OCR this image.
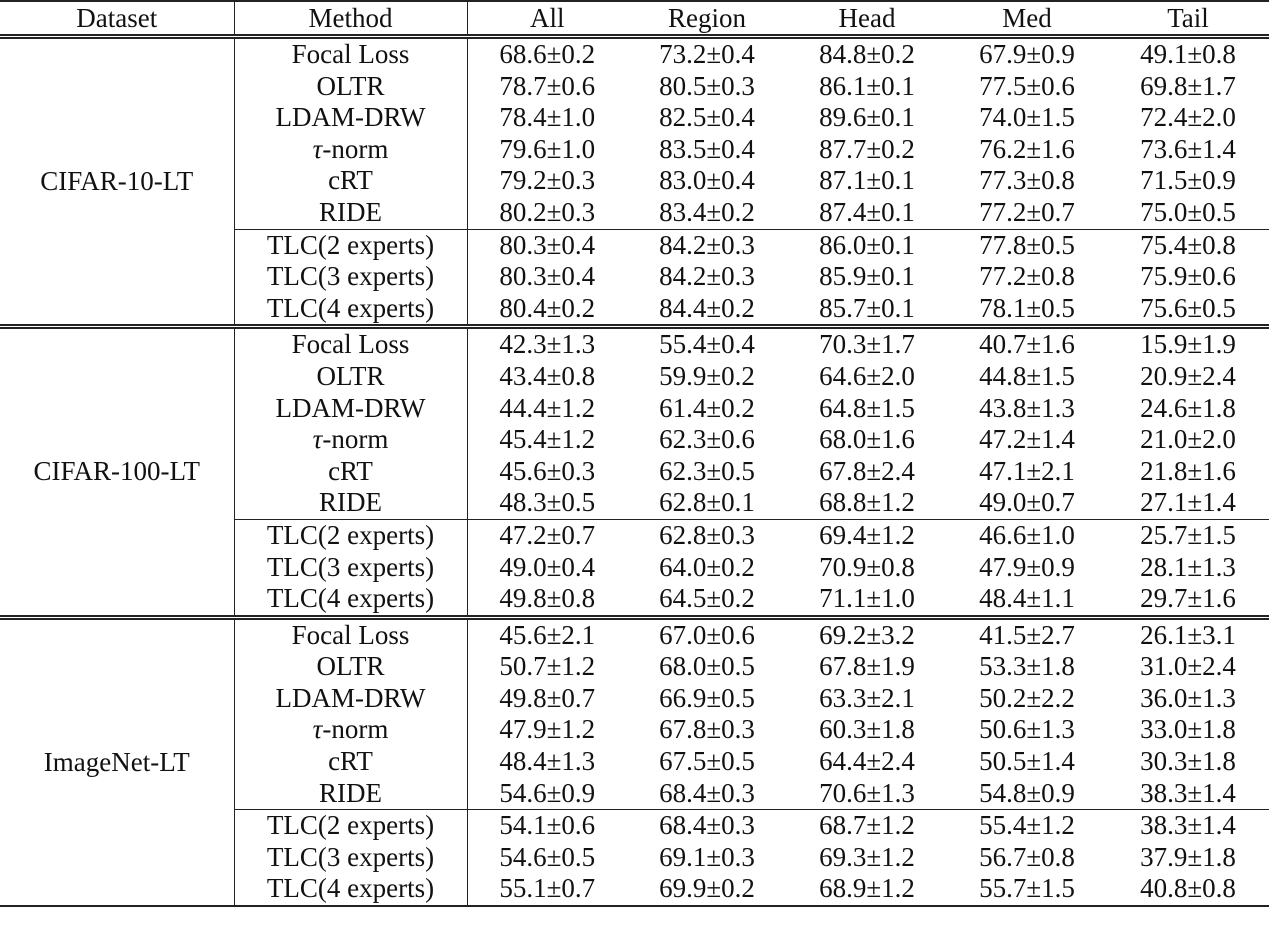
Dataset	Method	All	Region	Head	Med	Tail
CIFAR-10-LT	Focal Loss	68.6±0.2	73.2±0.4	84.8±0.2	67.9±0.9	49.1±0.8
	OLTR	78.7±0.6	80.5±0.3	86.1±0.1	77.5±0.6	69.8±1.7
	LDAM-DRW	78.4±1.0	82.5±0.4	89.6±0.1	74.0±1.5	72.4±2.0
	τ-norm	79.6±1.0	83.5±0.4	87.7±0.2	76.2±1.6	73.6±1.4
	cRT	79.2±0.3	83.0±0.4	87.1±0.1	77.3±0.8	71.5±0.9
	RIDE	80.2±0.3	83.4±0.2	87.4±0.1	77.2±0.7	75.0±0.5
	TLC(2 experts)	80.3±0.4	84.2±0.3	86.0±0.1	77.8±0.5	75.4±0.8
	TLC(3 experts)	80.3±0.4	84.2±0.3	85.9±0.1	77.2±0.8	75.9±0.6
	TLC(4 experts)	80.4±0.2	84.4±0.2	85.7±0.1	78.1±0.5	75.6±0.5
CIFAR-100-LT	Focal Loss	42.3±1.3	55.4±0.4	70.3±1.7	40.7±1.6	15.9±1.9
	OLTR	43.4±0.8	59.9±0.2	64.6±2.0	44.8±1.5	20.9±2.4
	LDAM-DRW	44.4±1.2	61.4±0.2	64.8±1.5	43.8±1.3	24.6±1.8
	τ-norm	45.4±1.2	62.3±0.6	68.0±1.6	47.2±1.4	21.0±2.0
	cRT	45.6±0.3	62.3±0.5	67.8±2.4	47.1±2.1	21.8±1.6
	RIDE	48.3±0.5	62.8±0.1	68.8±1.2	49.0±0.7	27.1±1.4
	TLC(2 experts)	47.2±0.7	62.8±0.3	69.4±1.2	46.6±1.0	25.7±1.5
	TLC(3 experts)	49.0±0.4	64.0±0.2	70.9±0.8	47.9±0.9	28.1±1.3
	TLC(4 experts)	49.8±0.8	64.5±0.2	71.1±1.0	48.4±1.1	29.7±1.6
ImageNet-LT	Focal Loss	45.6±2.1	67.0±0.6	69.2±3.2	41.5±2.7	26.1±3.1
	OLTR	50.7±1.2	68.0±0.5	67.8±1.9	53.3±1.8	31.0±2.4
	LDAM-DRW	49.8±0.7	66.9±0.5	63.3±2.1	50.2±2.2	36.0±1.3
	τ-norm	47.9±1.2	67.8±0.3	60.3±1.8	50.6±1.3	33.0±1.8
	cRT	48.4±1.3	67.5±0.5	64.4±2.4	50.5±1.4	30.3±1.8
	RIDE	54.6±0.9	68.4±0.3	70.6±1.3	54.8±0.9	38.3±1.4
	TLC(2 experts)	54.1±0.6	68.4±0.3	68.7±1.2	55.4±1.2	38.3±1.4
	TLC(3 experts)	54.6±0.5	69.1±0.3	69.3±1.2	56.7±0.8	37.9±1.8
	TLC(4 experts)	55.1±0.7	69.9±0.2	68.9±1.2	55.7±1.5	40.8±0.8
